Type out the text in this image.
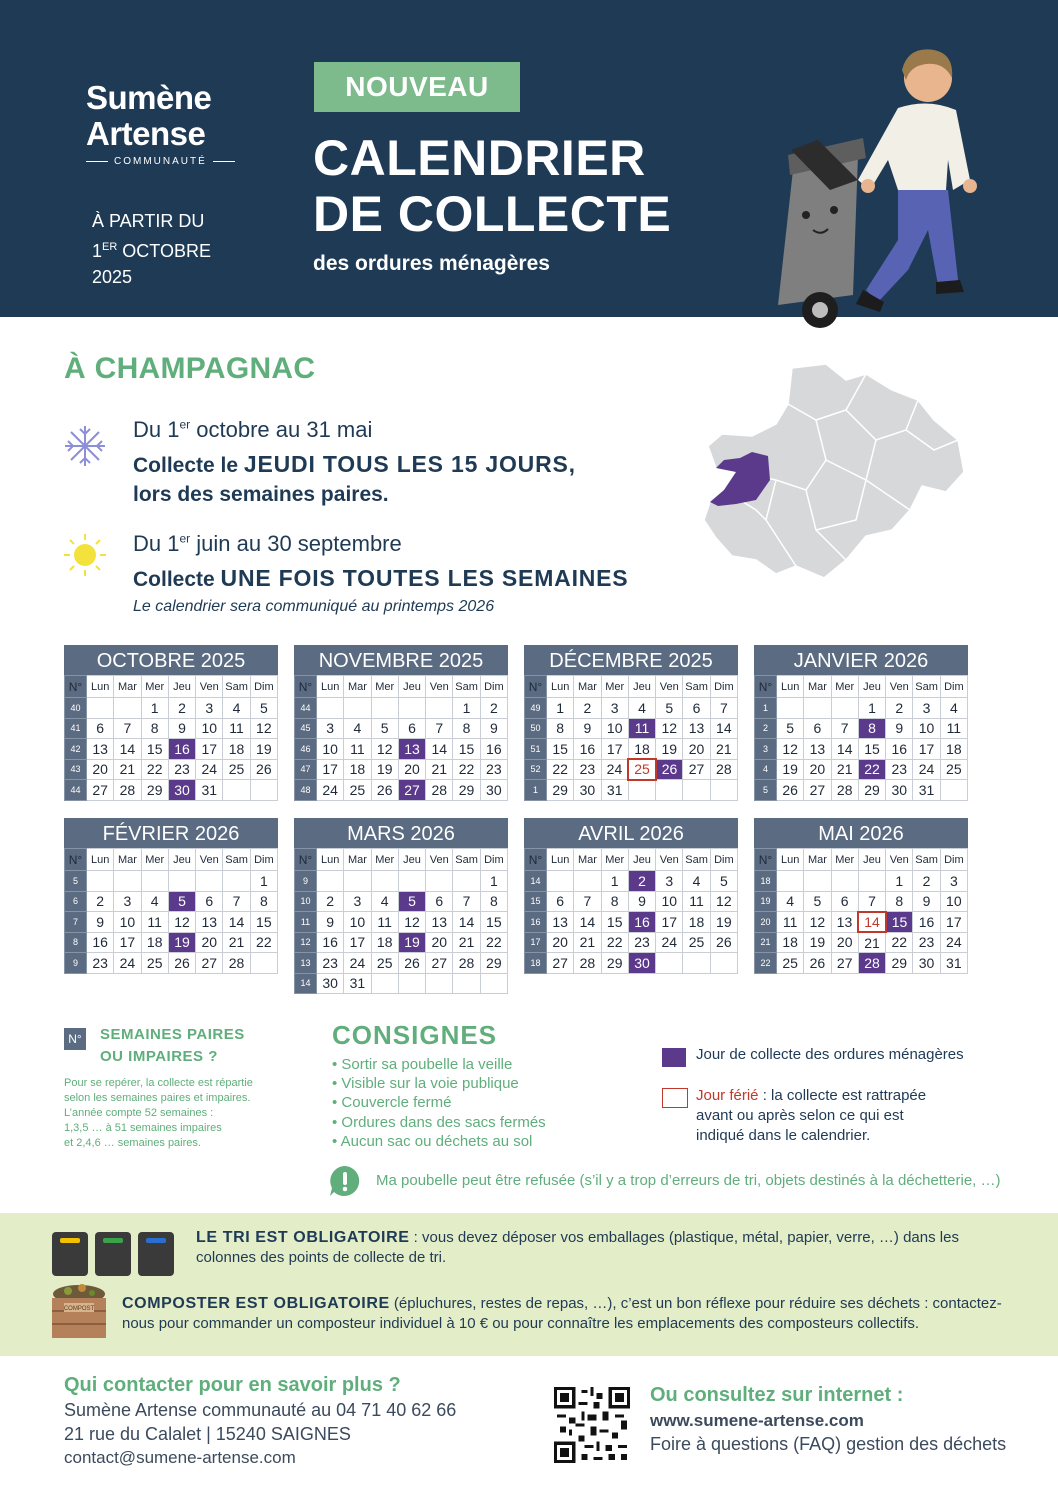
Sumène
Artense
COMMUNAUTÉ
À PARTIR DU
1ER OCTOBRE
2025
NOUVEAU
CALENDRIER
DE COLLECTE
des ordures ménagères
À CHAMPAGNAC
Du 1er octobre au 31 mai
Collecte le JEUDI TOUS LES 15 JOURS,
lors des semaines paires.
Du 1er juin au 30 septembre
Collecte UNE FOIS TOUTES LES SEMAINES
Le calendrier sera communiqué au printemps 2026
OCTOBRE 2025
N°	Lun	Mar	Mer	Jeu	Ven	Sam	Dim
40			1	2	3	4	5
41	6	7	8	9	10	11	12
42	13	14	15	16	17	18	19
43	20	21	22	23	24	25	26
44	27	28	29	30	31		
NOVEMBRE 2025
N°	Lun	Mar	Mer	Jeu	Ven	Sam	Dim
44						1	2
45	3	4	5	6	7	8	9
46	10	11	12	13	14	15	16
47	17	18	19	20	21	22	23
48	24	25	26	27	28	29	30
DÉCEMBRE 2025
N°	Lun	Mar	Mer	Jeu	Ven	Sam	Dim
49	1	2	3	4	5	6	7
50	8	9	10	11	12	13	14
51	15	16	17	18	19	20	21
52	22	23	24	25	26	27	28
1	29	30	31				
JANVIER 2026
N°	Lun	Mar	Mer	Jeu	Ven	Sam	Dim
1				1	2	3	4
2	5	6	7	8	9	10	11
3	12	13	14	15	16	17	18
4	19	20	21	22	23	24	25
5	26	27	28	29	30	31	
FÉVRIER 2026
N°	Lun	Mar	Mer	Jeu	Ven	Sam	Dim
5							1
6	2	3	4	5	6	7	8
7	9	10	11	12	13	14	15
8	16	17	18	19	20	21	22
9	23	24	25	26	27	28	
MARS 2026
N°	Lun	Mar	Mer	Jeu	Ven	Sam	Dim
9							1
10	2	3	4	5	6	7	8
11	9	10	11	12	13	14	15
12	16	17	18	19	20	21	22
13	23	24	25	26	27	28	29
14	30	31					
AVRIL 2026
N°	Lun	Mar	Mer	Jeu	Ven	Sam	Dim
14			1	2	3	4	5
15	6	7	8	9	10	11	12
16	13	14	15	16	17	18	19
17	20	21	22	23	24	25	26
18	27	28	29	30			
MAI 2026
N°	Lun	Mar	Mer	Jeu	Ven	Sam	Dim
18					1	2	3
19	4	5	6	7	8	9	10
20	11	12	13	14	15	16	17
21	18	19	20	21	22	23	24
22	25	26	27	28	29	30	31
N° SEMAINES PAIRES
OU IMPAIRES ?
Pour se repérer, la collecte est répartie
selon les semaines paires et impaires.
L’année compte 52 semaines :
1,3,5 … à 51 semaines impaires
et 2,4,6 … semaines paires.
CONSIGNES
• Sortir sa poubelle la veille
• Visible sur la voie publique
• Couvercle fermé
• Ordures dans des sacs fermés
• Aucun sac ou déchets au sol
Jour de collecte des ordures ménagères
Jour férié : la collecte est rattrapée
avant ou après selon ce qui est
indiqué dans le calendrier.
Ma poubelle peut être refusée (s’il y a trop d’erreurs de tri, objets destinés à la déchetterie, …)
COMPOST
LE TRI EST OBLIGATOIRE : vous devez déposer vos emballages (plastique, métal, papier, verre, …) dans les colonnes des points de collecte de tri.
COMPOSTER EST OBLIGATOIRE (épluchures, restes de repas, …), c’est un bon réflexe pour réduire ses déchets : contactez-nous pour commander un composteur individuel à 10 € ou pour connaître les emplacements des composteurs collectifs.
Qui contacter pour en savoir plus ?
Sumène Artense communauté au 04 71 40 62 66
21 rue du Calalet | 15240 SAIGNES
contact@sumene-artense.com
Ou consultez sur internet :
www.sumene-artense.com
Foire à questions (FAQ) gestion des déchets
